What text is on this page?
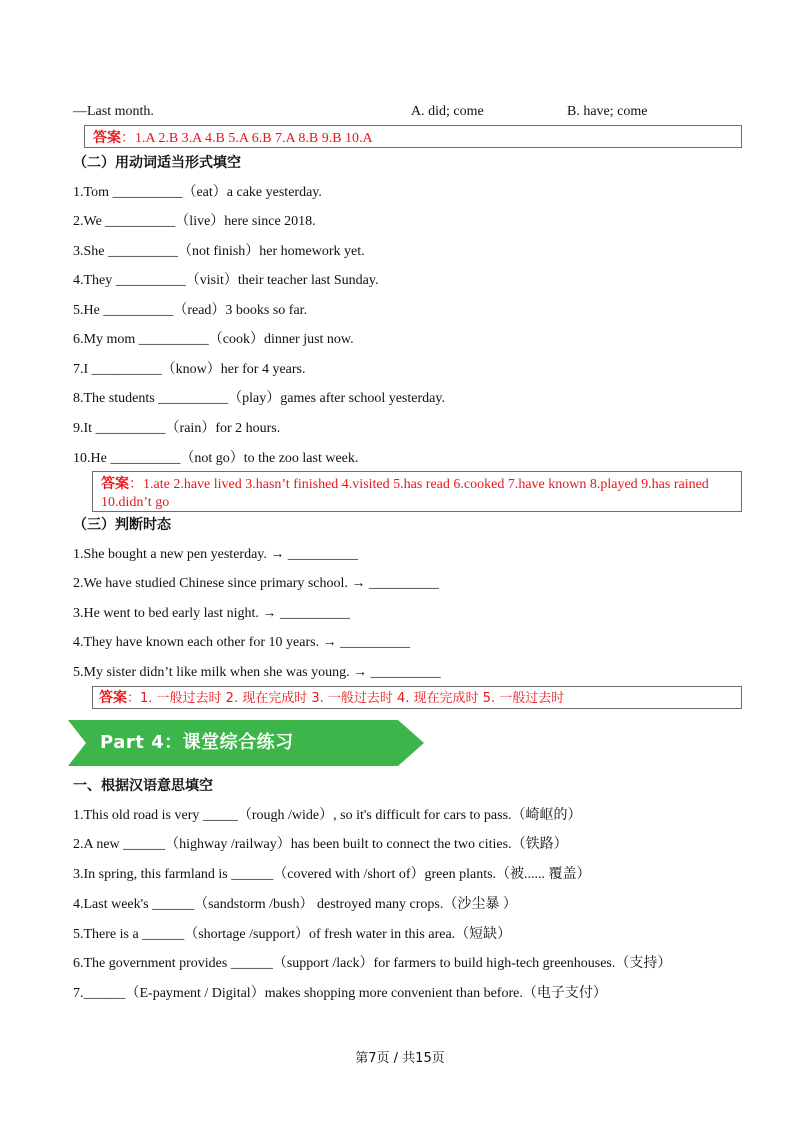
—Last month.	A. did; come	B. have; come
答案：1.A 2.B 3.A 4.B 5.A 6.B 7.A 8.B 9.B 10.A
（二）用动词适当形式填空
1.Tom __________（eat）a cake yesterday.
2.We __________（live）here since 2018.
3.She __________（not finish）her homework yet.
4.They __________（visit）their teacher last Sunday.
5.He __________（read）3 books so far.
6.My mom __________（cook）dinner just now.
7.I __________（know）her for 4 years.
8.The students __________（play）games after school yesterday.
9.It __________（rain）for 2 hours.
10.He __________（not go）to the zoo last week.
答案：1.ate 2.have lived 3.hasn’t finished 4.visited 5.has read 6.cooked 7.have known 8.played 9.has rained
10.didn’t go
（三）判断时态
1.She bought a new pen yesterday. → __________
2.We have studied Chinese since primary school. → __________
3.He went to bed early last night. → __________
4.They have known each other for 10 years. → __________
5.My sister didn’t like milk when she was young. → __________
答案：1. 一般过去时 2. 现在完成时 3. 一般过去时 4. 现在完成时 5. 一般过去时
Part 4：课堂综合练习
一、根据汉语意思填空
1.This old road is very _____（rough /wide）, so it's difficult for cars to pass.（崎岖的）
2.A new ______（highway /railway）has been built to connect the two cities.（铁路）
3.In spring, this farmland is ______（covered with /short of）green plants.（被...... 覆盖）
4.Last week's ______（sandstorm /bush） destroyed many crops.（沙尘暴 ）
5.There is a ______（shortage /support）of fresh water in this area.（短缺）
6.The government provides ______（support /lack）for farmers to build high-tech greenhouses.（支持）
7.______（E-payment / Digital）makes shopping more convenient than before.（电子支付）
第7页 / 共15页
